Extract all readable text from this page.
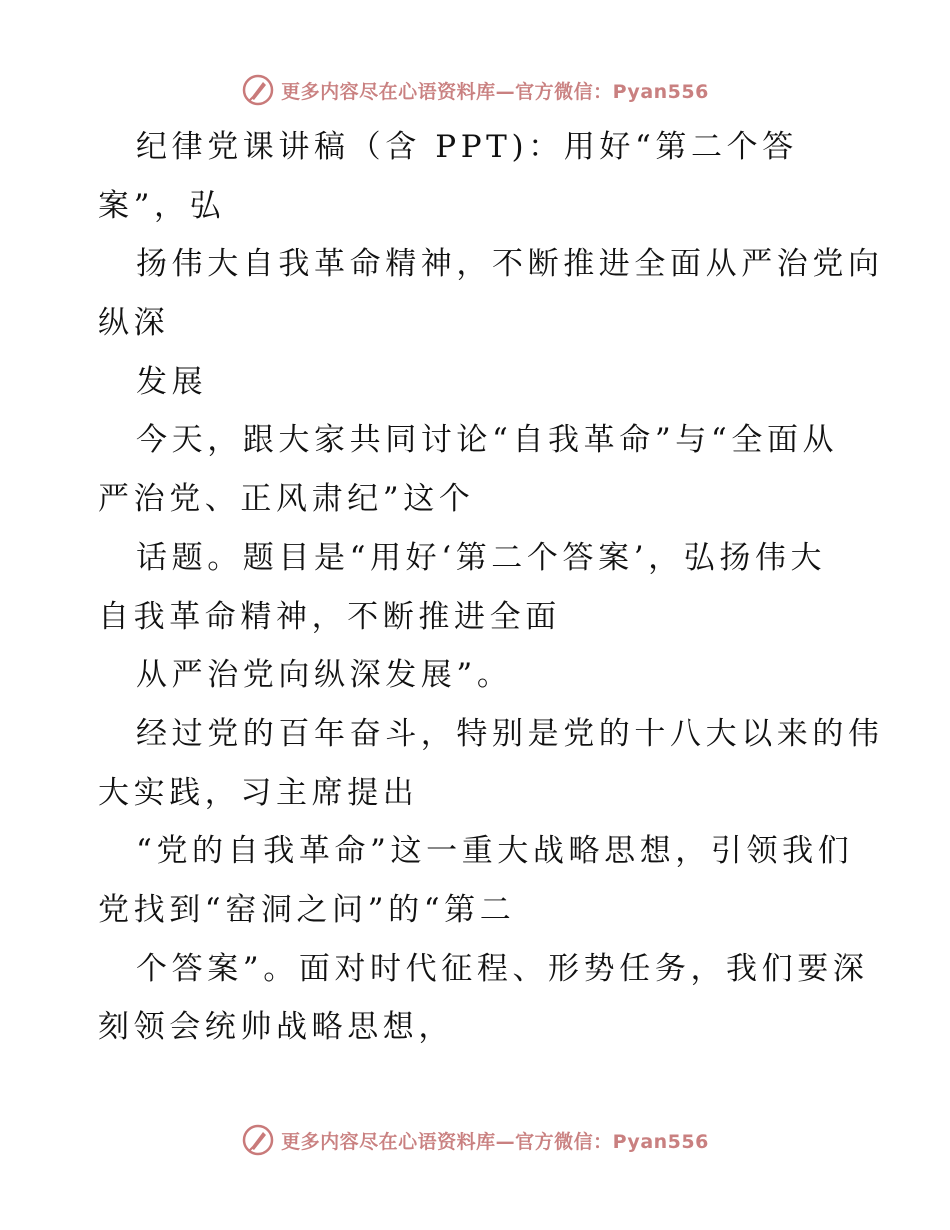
更多内容尽在心语资料库—官方微信：Pyan556
纪律党课讲稿（含 PPT)：用好“第二个答
案”，弘
扬伟大自我革命精神，不断推进全面从严治党向
纵深
发展
今天，跟大家共同讨论“自我革命”与“全面从
严治党、正风肃纪”这个
话题。题目是“用好‘第二个答案’，弘扬伟大
自我革命精神，不断推进全面
从严治党向纵深发展”。
经过党的百年奋斗，特别是党的十八大以来的伟
大实践，习主席提出
“党的自我革命”这一重大战略思想，引领我们
党找到“窑洞之问”的“第二
个答案”。面对时代征程、形势任务，我们要深
刻领会统帅战略思想，
更多内容尽在心语资料库—官方微信：Pyan556
